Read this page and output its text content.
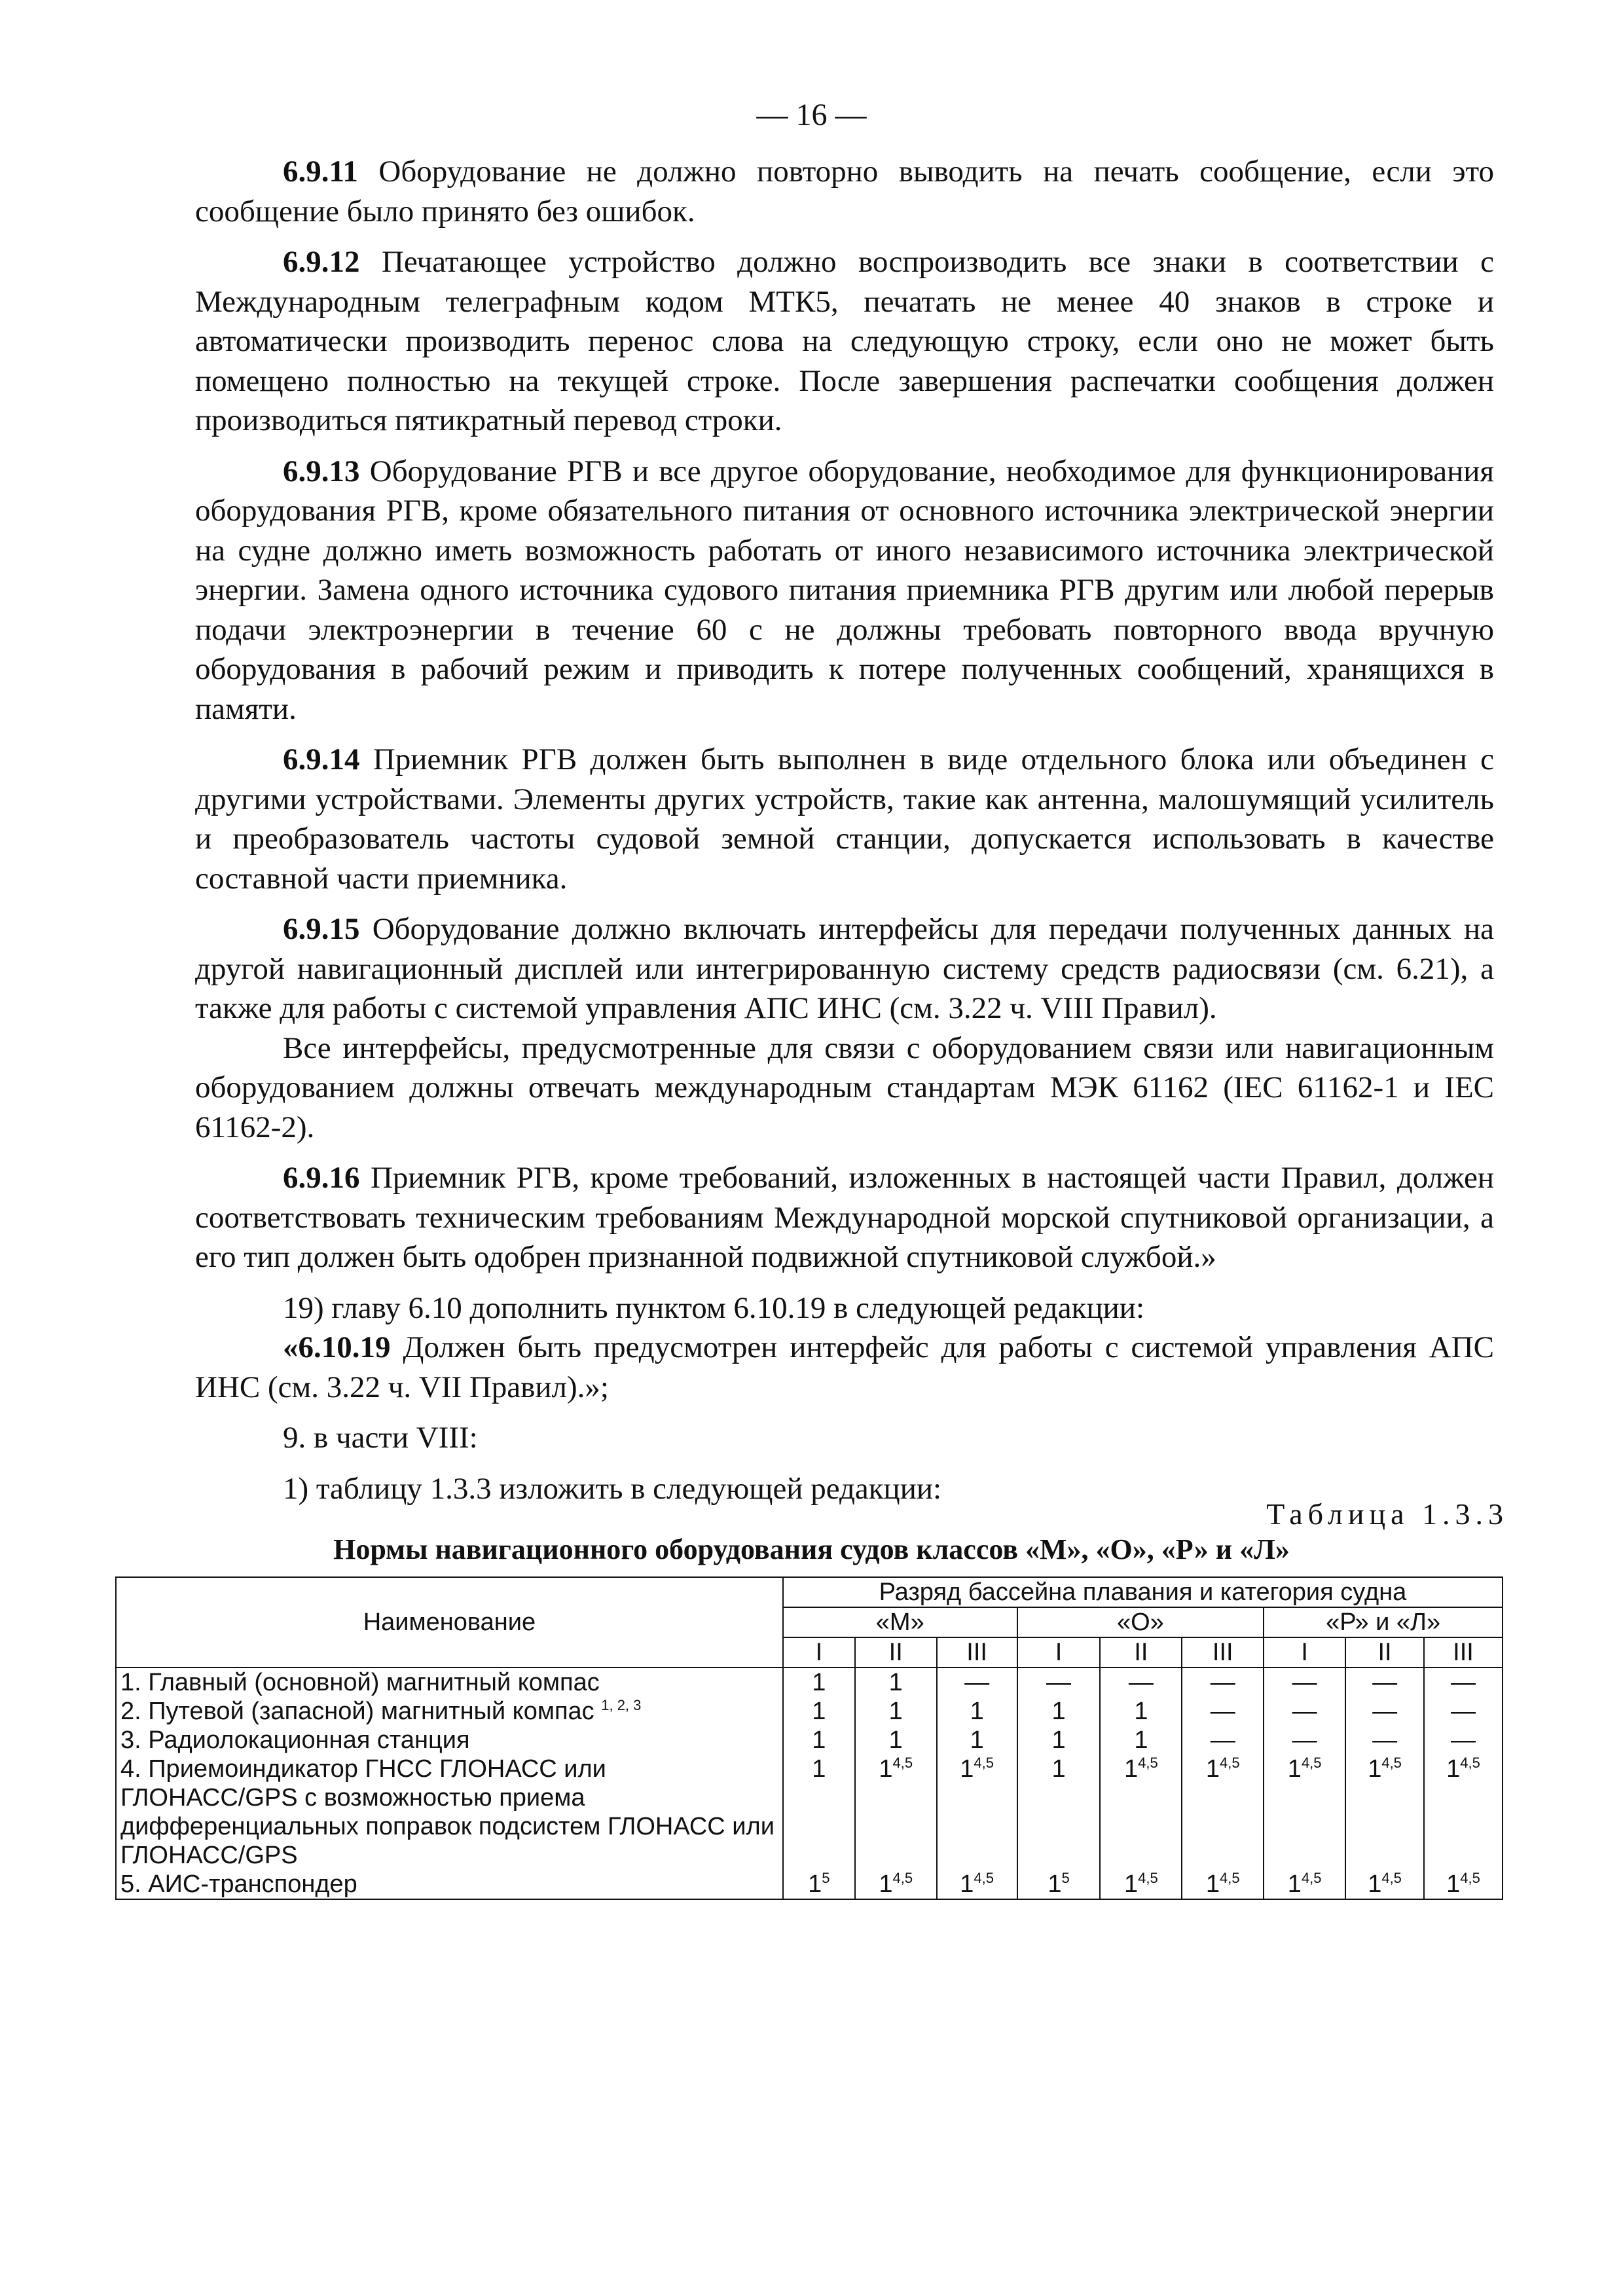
— 16 —

6.9.11 Оборудование не должно повторно выводить на печать сообщение, если это сообщение было принято без ошибок.

6.9.12 Печатающее устройство должно воспроизводить все знаки в соответствии с Международным телеграфным кодом МТК5, печатать не менее 40 знаков в строке и автоматически производить перенос слова на следующую строку, если оно не может быть помещено полностью на текущей строке. После завершения распечатки сообщения должен производиться пятикратный перевод строки.

6.9.13 Оборудование РГВ и все другое оборудование, необходимое для функционирования оборудования РГВ, кроме обязательного питания от основного источника электрической энергии на судне должно иметь возможность работать от иного независимого источника электрической энергии. Замена одного источника судового питания приемника РГВ другим или любой перерыв подачи электроэнергии в течение 60 с не должны требовать повторного ввода вручную оборудования в рабочий режим и приводить к потере полученных сообщений, хранящихся в памяти.

6.9.14 Приемник РГВ должен быть выполнен в виде отдельного блока или объединен с другими устройствами. Элементы других устройств, такие как антенна, малошумящий усилитель и преобразователь частоты судовой земной станции, допускается использовать в качестве составной части приемника.

6.9.15 Оборудование должно включать интерфейсы для передачи полученных данных на другой навигационный дисплей или интегрированную систему средств радиосвязи (см. 6.21), а также для работы с системой управления АПС ИНС (см. 3.22 ч. VIII Правил).

Все интерфейсы, предусмотренные для связи с оборудованием связи или навигационным оборудованием должны отвечать международным стандартам МЭК 61162 (IEC 61162-1 и IEC 61162-2).

6.9.16 Приемник РГВ, кроме требований, изложенных в настоящей части Правил, должен соответствовать техническим требованиям Международной морской спутниковой организации, а его тип должен быть одобрен признанной подвижной спутниковой службой.»

19) главу 6.10 дополнить пунктом 6.10.19 в следующей редакции:

«6.10.19 Должен быть предусмотрен интерфейс для работы с системой управления АПС ИНС (см. 3.22 ч. VII Правил).»;

9. в части VIII:

1) таблицу 1.3.3 изложить в следующей редакции:

Таблица 1.3.3
Нормы навигационного оборудования судов классов «М», «О», «Р» и «Л»
Наименование	Разряд бассейна плавания и категория судна								
	«М»			«О»			«Р» и «Л»		
	I	II	III	I	II	III	I	II	III
1. Главный (основной) магнитный компас	1	1	—	—	—	—	—	—	—
2. Путевой (запасной) магнитный компас $^{1, 2, 3}$	1	1	1	1	1	—	—	—	—
3. Радиолокационная станция	1	1	1	1	1	—	—	—	—
4. Приемоиндикатор ГНСС ГЛОНАСС или ГЛОНАСС/GPS с возможностью приема дифференциальных поправок подсистем ГЛОНАСС или ГЛОНАСС/GPS	1	1$^{4,5}$	1$^{4,5}$	1	1$^{4,5}$	1$^{4,5}$	1$^{4,5}$	1$^{4,5}$	1$^{4,5}$
5. АИС-транспондер	$1^5$	1$^{4,5}$	1$^{4,5}$	$1^5$	1$^{4,5}$	1$^{4,5}$	1$^{4,5}$	1$^{4,5}$	1$^{4,5}$
